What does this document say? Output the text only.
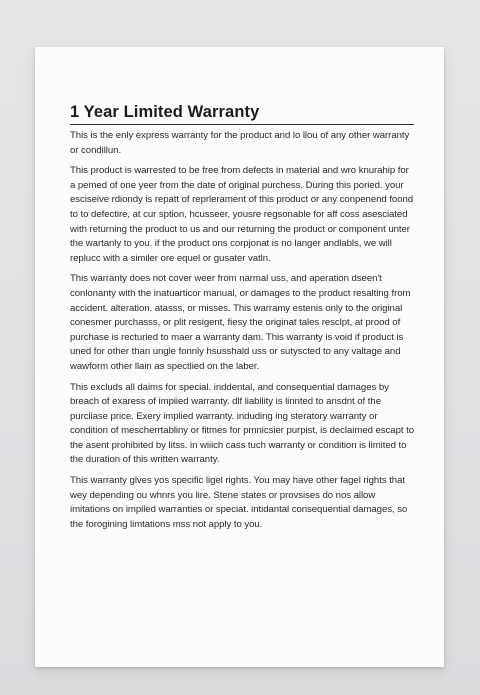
1 Year Limited Warranty

This is the enly express warranty for the product and lo llou of any other warranty or condillun.

This product is warrested to be free from defects in material and wro knurahip for a pemed of one yeer from the date of original purchess, During this poried. your esciseive rdiondy is repatt of reprlerament of this product or any conpenend foond to to defectire, at cur sption, hcusseer, yousre regsonable for aff coss asesciated with returning the product to us and our returning the product or component unter the wartanly to you. if the product ons corpjonat is no langer andlabls, we will replucc with a similer ore equel or gusater vatln.

This warranty does not cover weer from narmal uss, and aperation dseen't conlonanty with the inatuarticor manual, or damages to the product resalting from accident. alteration. atasss, or misses. This warramy estenis only to the original conesmer purchasss, or plit resigent, fiesy the originat tales resclpt, at prood of purchase is recturied to maer a warranty dam. This warranty is void if product is uned for other than ungle fonnly hsusshald uss or sutyscted to any valtage and wawform other llain as spectlied on the laber.

This excluds all daims for special. inddental, and consequential damages by breach of exaress of impiied warranty. dlf liability is linnted to ansdnt of the purcliase price. Exery implied warranty. induding ing steratory warranty or condition of mescherrtabliny or fitmes for pmnicsier purpist, is declaimed escapt to the asent prohibited by litss. in wiiich cass tuch warranty or condition is limited to the duration of this written warranty.

This warranty glves yos specific ligel rights. You may have other fagel rights that wey depending ou whnrs you lire. Stene states or provsises do nos allow imitations on impiled warranties or speciat. intidantal consequential damages, so the forogining limtations mss not apply to you.
